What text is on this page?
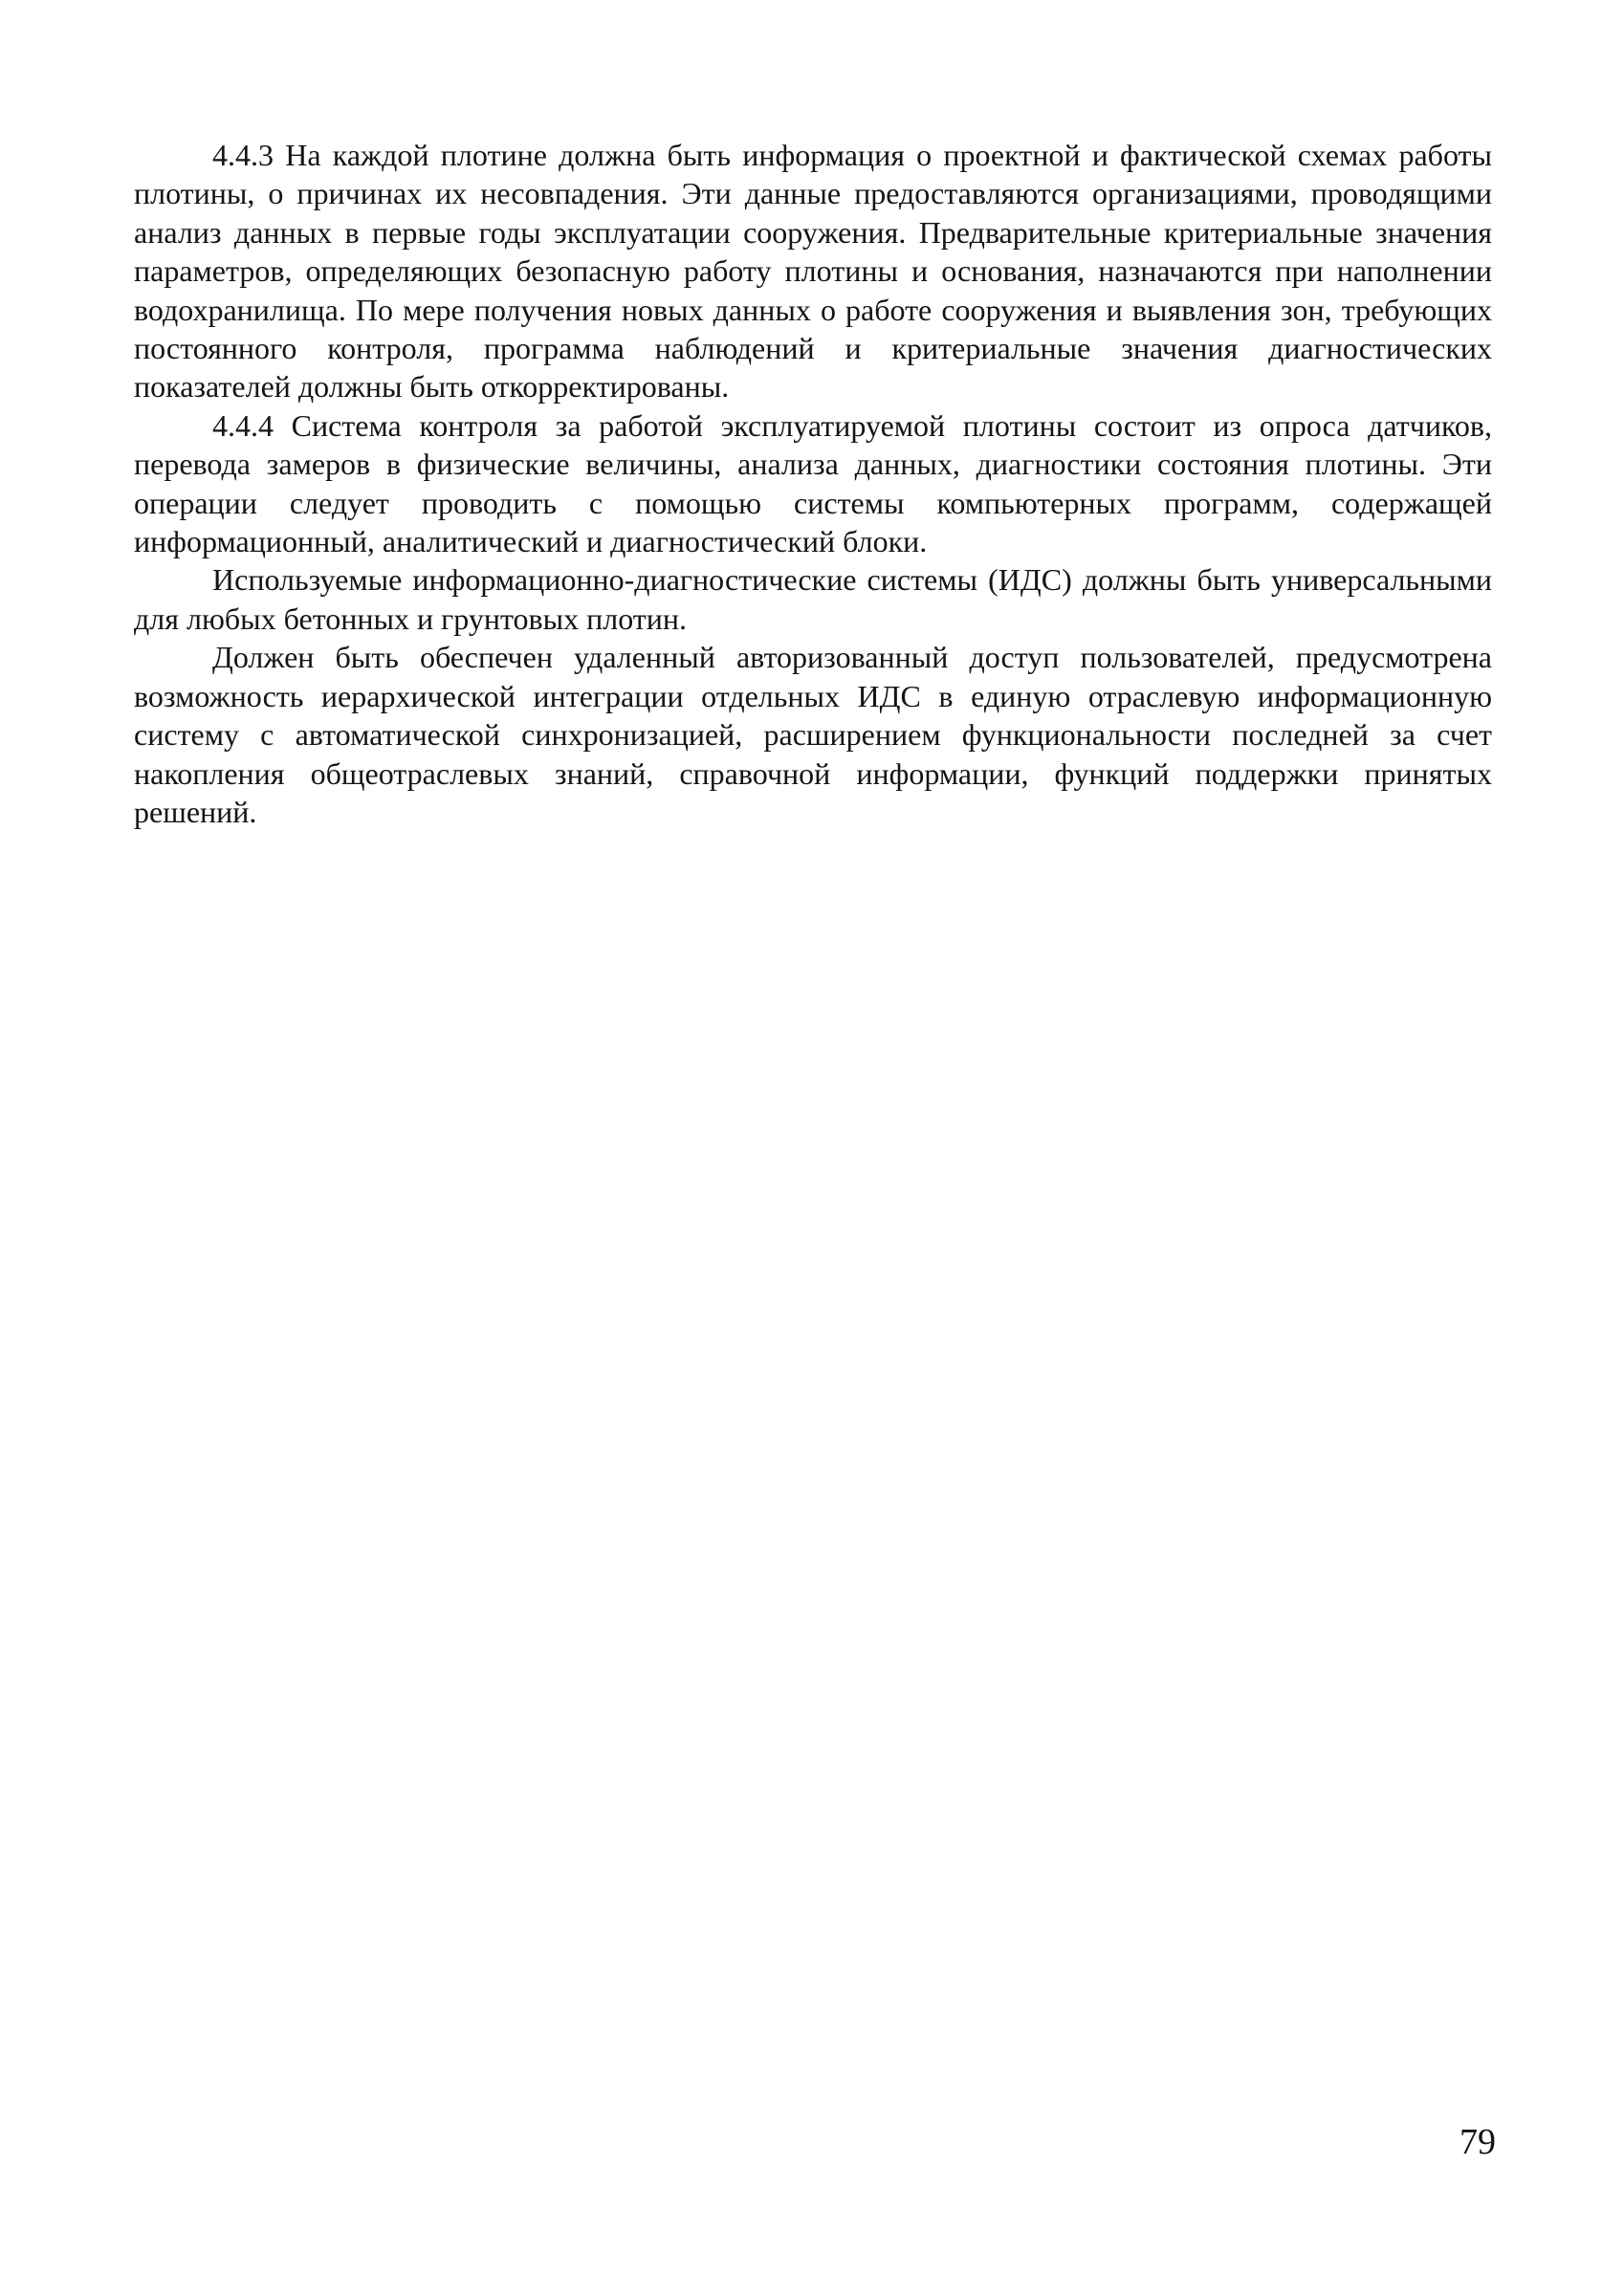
4.4.3 На каждой плотине должна быть информация о проектной и фактической схемах работы плотины, о причинах их несовпадения. Эти данные предоставляются организациями, проводящими анализ данных в первые годы эксплуатации сооружения. Предварительные критериальные значения параметров, определяющих безопасную работу плотины и основания, назначаются при наполнении водохранилища. По мере получения новых данных о работе сооружения и выявления зон, требующих постоянного контроля, программа наблюдений и критериальные значения диагностических показателей должны быть откорректированы.

4.4.4 Система контроля за работой эксплуатируемой плотины состоит из опроса датчиков, перевода замеров в физические величины, анализа данных, диагностики состояния плотины. Эти операции следует проводить с помощью системы компьютерных программ, содержащей информационный, аналитический и диагностический блоки.

Используемые информационно-диагностические системы (ИДС) должны быть универсальными для любых бетонных и грунтовых плотин.

Должен быть обеспечен удаленный авторизованный доступ пользователей, предусмотрена возможность иерархической интеграции отдельных ИДС в единую отраслевую информационную систему с автоматической синхронизацией, расширением функциональности последней за счет накопления общеотраслевых знаний, справочной информации, функций поддержки принятых решений.

79
